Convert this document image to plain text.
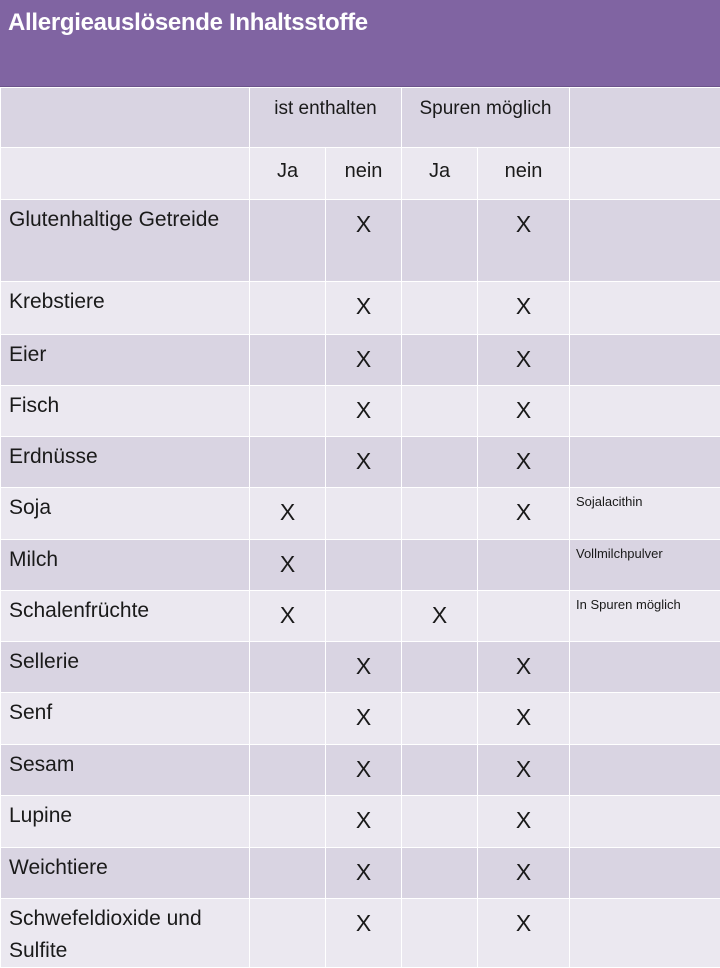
Allergieauslösende Inhaltsstoffe
	ist enthalten		Spuren möglich		
	Ja	nein	Ja	nein	
Glutenhaltige Getreide		X		X	
Krebstiere		X		X	
Eier		X		X	
Fisch		X		X	
Erdnüsse		X		X	
Soja	X			X	Sojalacithin
Milch	X				Vollmilchpulver
Schalenfrüchte	X		X		In Spuren möglich
Sellerie		X		X	
Senf		X		X	
Sesam		X		X	
Lupine		X		X	
Weichtiere		X		X	
Schwefeldioxide und Sulfite		X		X	
